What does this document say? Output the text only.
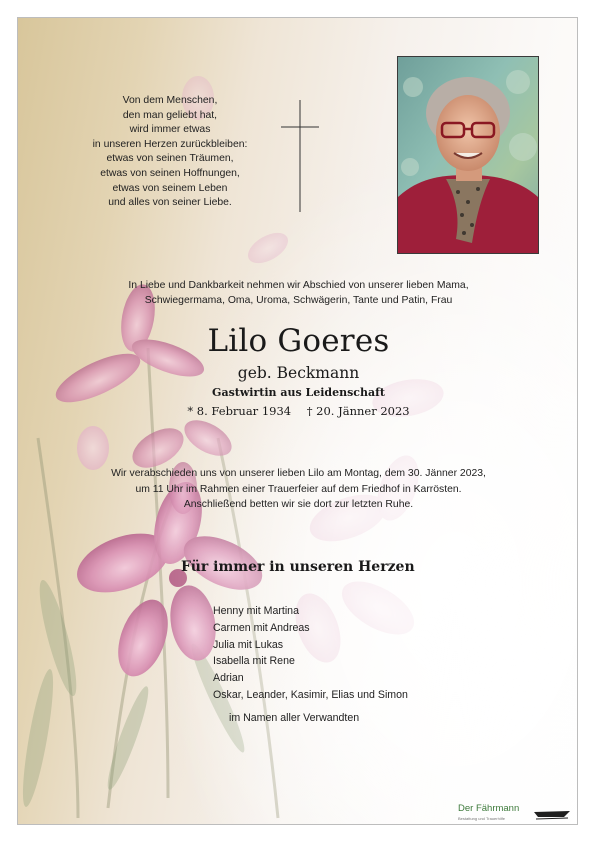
Von dem Menschen,
den man geliebt hat,
wird immer etwas
in unseren Herzen zurückbleiben:
etwas von seinen Träumen,
etwas von seinen Hoffnungen,
etwas von seinem Leben
und alles von seiner Liebe.
In Liebe und Dankbarkeit nehmen wir Abschied von unserer lieben Mama,
Schwiegermama, Oma, Uroma, Schwägerin, Tante und Patin, Frau
Lilo Goeres
geb. Beckmann
Gastwirtin aus Leidenschaft
* 8. Februar 1934 † 20. Jänner 2023
Wir verabschieden uns von unserer lieben Lilo am Montag, dem 30. Jänner 2023,
um 11 Uhr im Rahmen einer Trauerfeier auf dem Friedhof in Karrösten.
Anschließend betten wir sie dort zur letzten Ruhe.
Für immer in unseren Herzen
Henny mit Martina
Carmen mit Andreas
Julia mit Lukas
Isabella mit Rene
Adrian
Oskar, Leander, Kasimir, Elias und Simon
im Namen aller Verwandten
Der Fährmann
Bestattung und Trauerhilfe
